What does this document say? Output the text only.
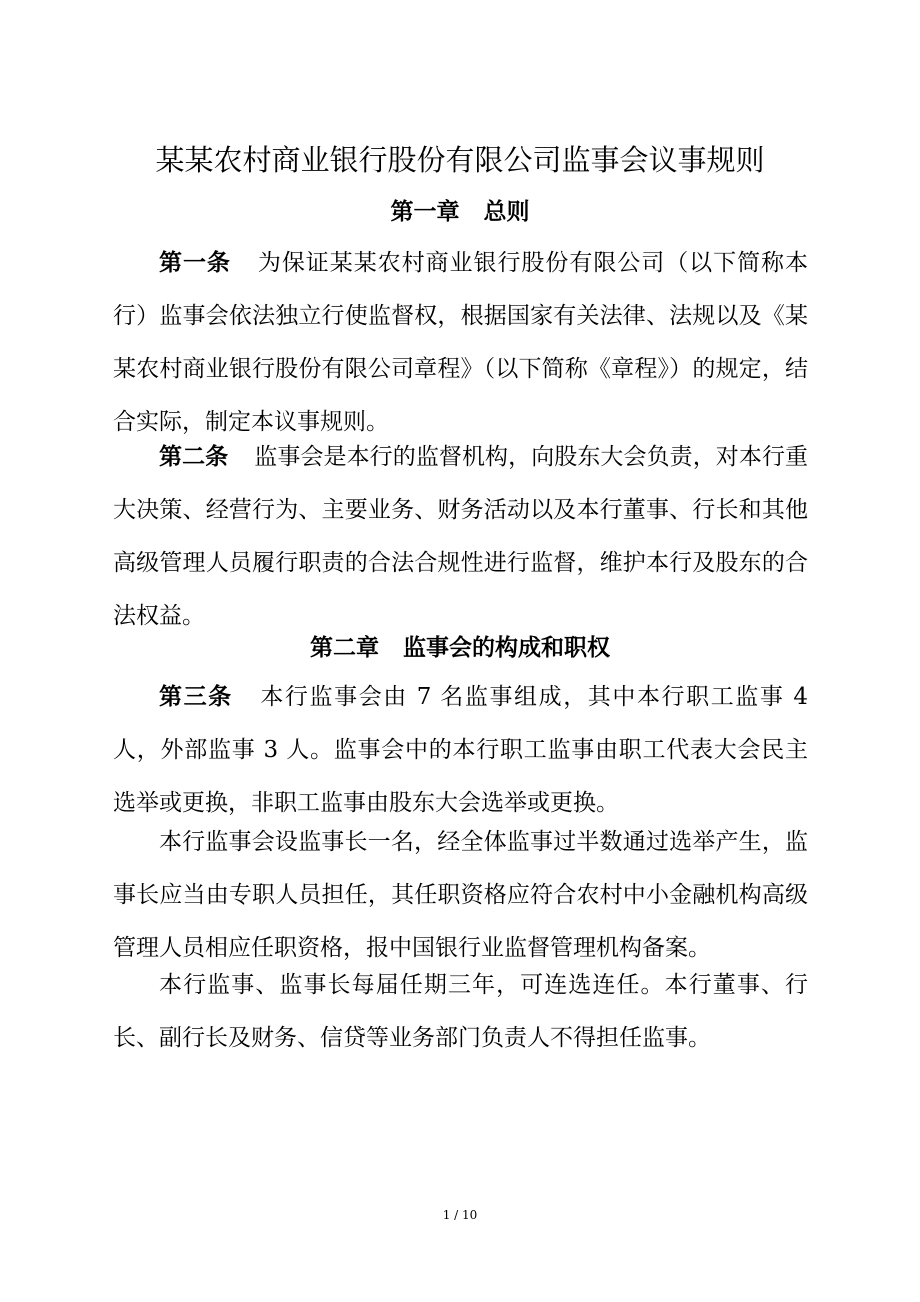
某某农村商业银行股份有限公司监事会议事规则
第一章 总则

第一条 为保证某某农村商业银行股份有限公司（以下简称本行）监事会依法独立行使监督权，根据国家有关法律、法规以及《某某农村商业银行股份有限公司章程》（以下简称《章程》）的规定，结合实际，制定本议事规则。

第二条 监事会是本行的监督机构，向股东大会负责，对本行重大决策、经营行为、主要业务、财务活动以及本行董事、行长和其他高级管理人员履行职责的合法合规性进行监督，维护本行及股东的合法权益。

第二章 监事会的构成和职权

第三条 本行监事会由 7 名监事组成，其中本行职工监事 4 人，外部监事 3 人。监事会中的本行职工监事由职工代表大会民主选举或更换，非职工监事由股东大会选举或更换。

本行监事会设监事长一名，经全体监事过半数通过选举产生，监事长应当由专职人员担任，其任职资格应符合农村中小金融机构高级管理人员相应任职资格，报中国银行业监督管理机构备案。

本行监事、监事长每届任期三年，可连选连任。本行董事、行长、副行长及财务、信贷等业务部门负责人不得担任监事。

1 / 10
